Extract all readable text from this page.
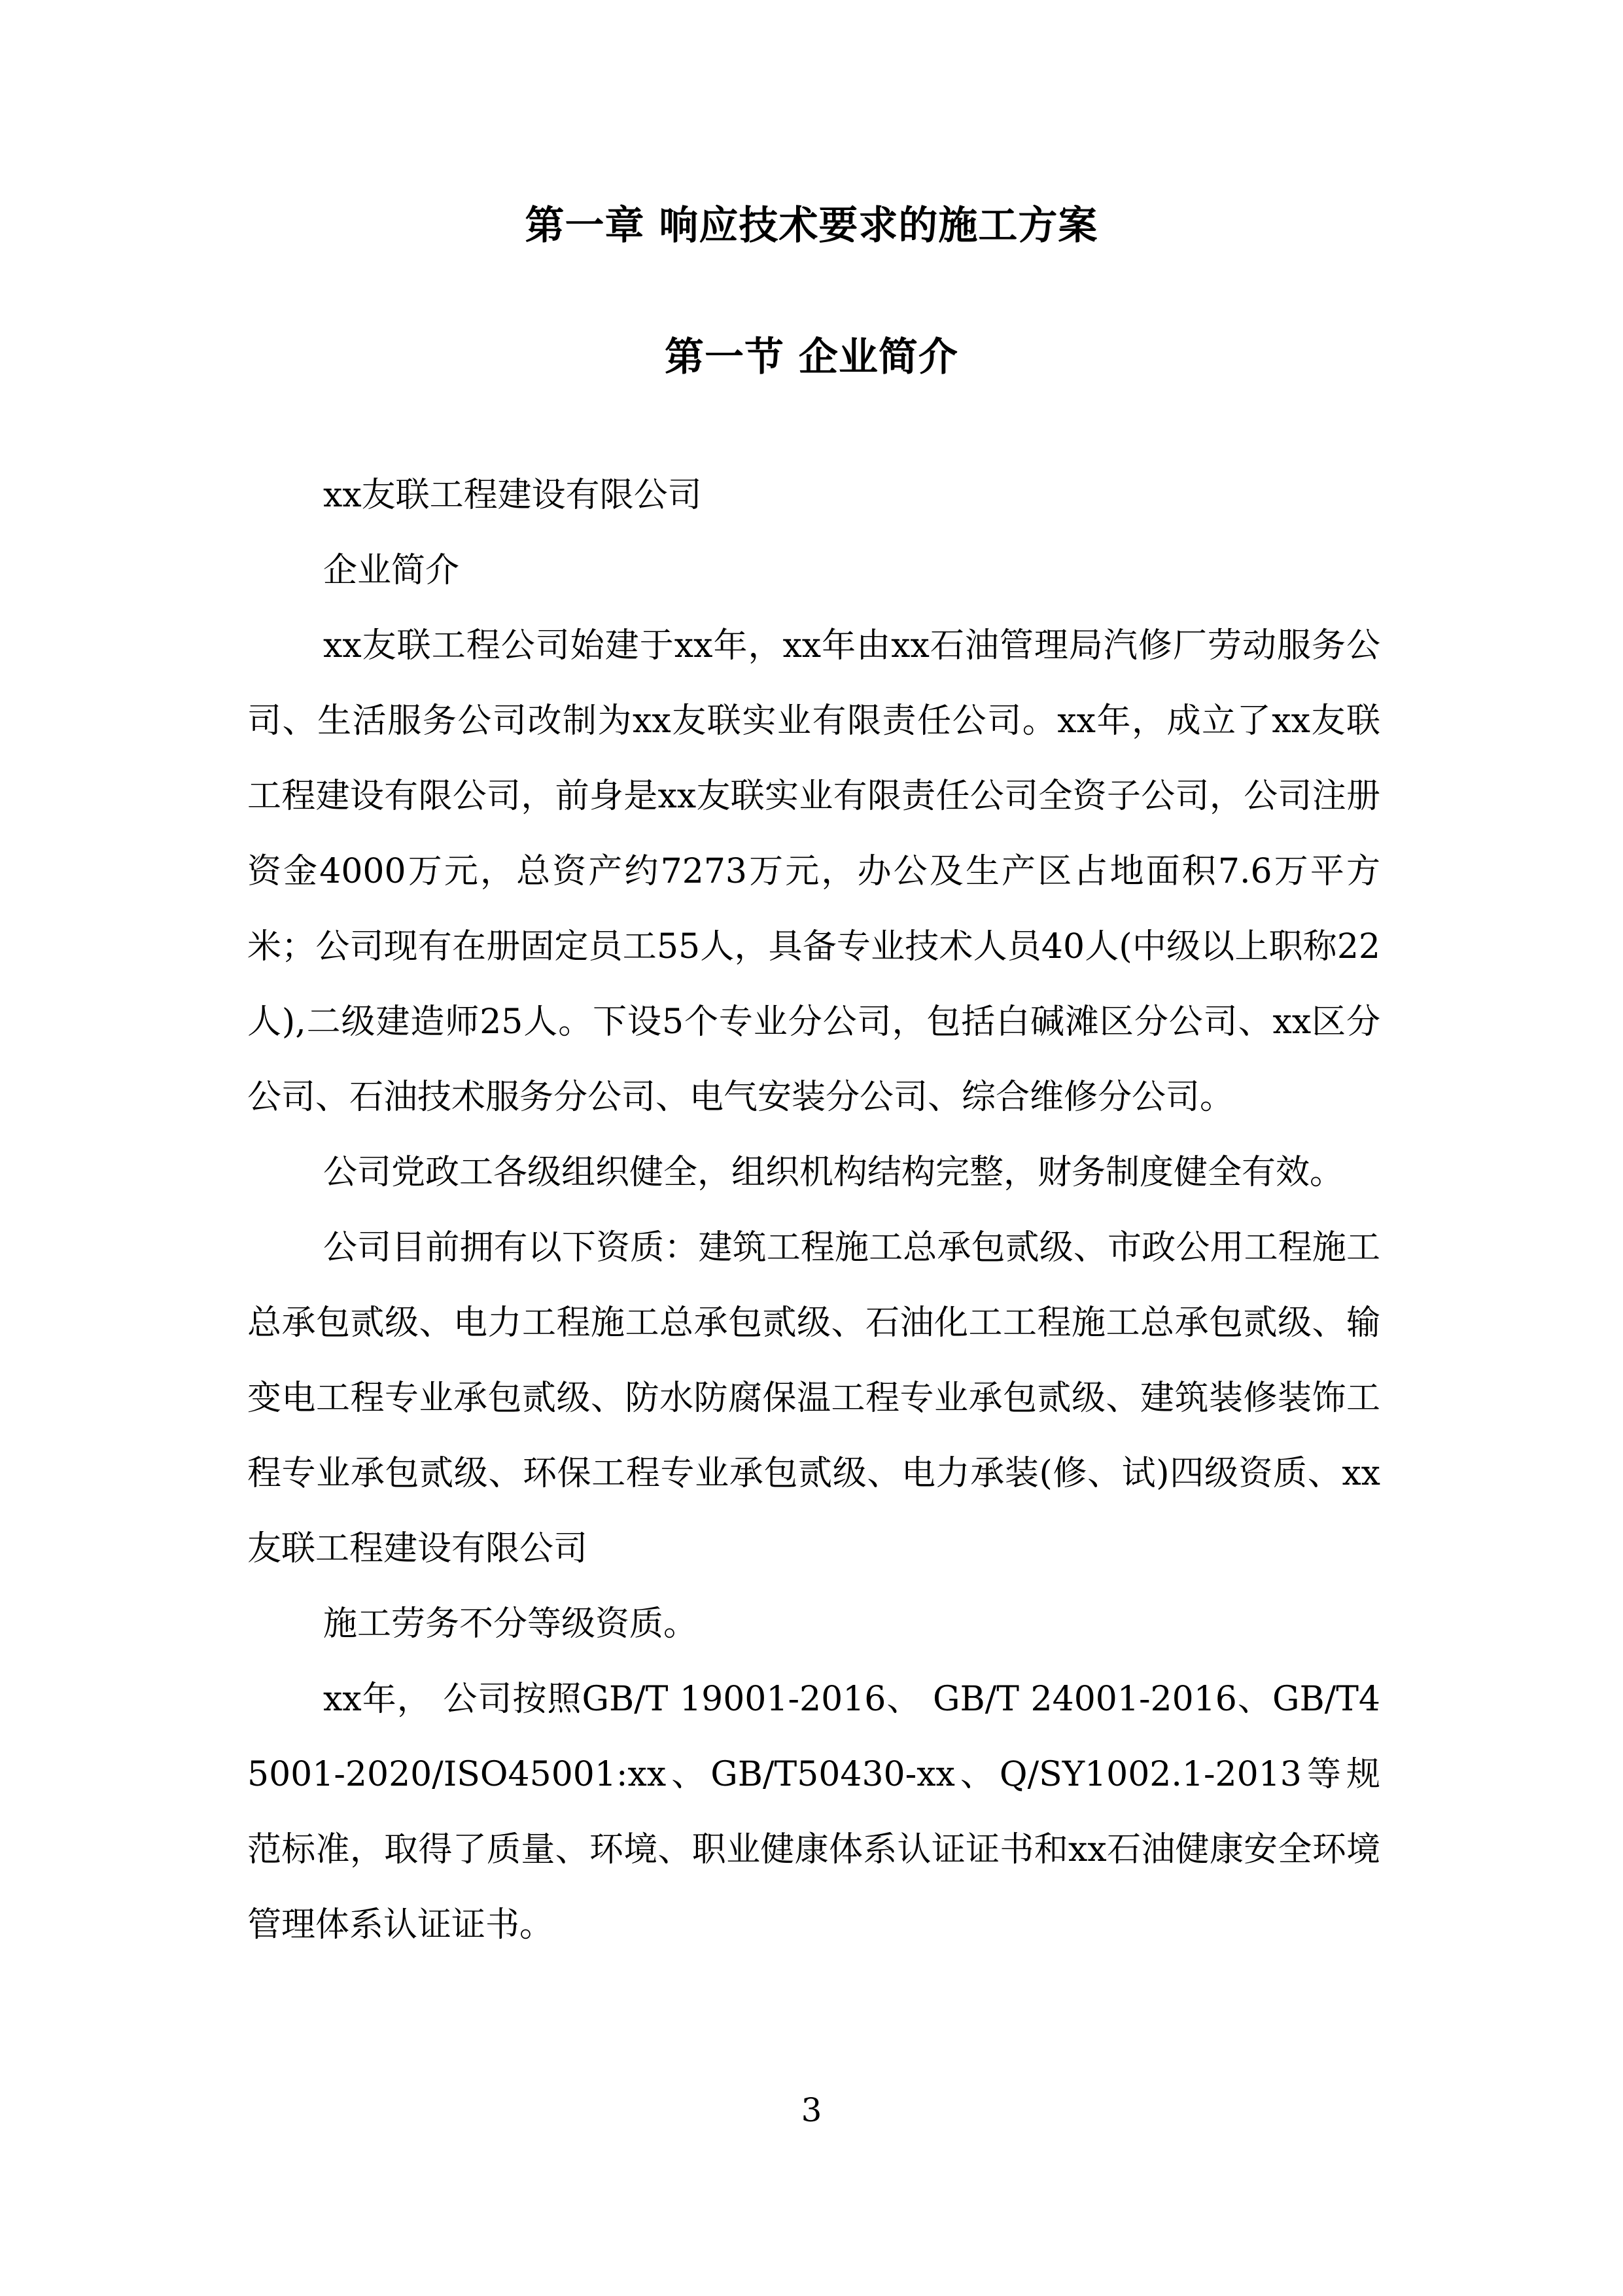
第一章 响应技术要求的施工方案
第一节 企业简介

xx友联工程建设有限公司

企业简介

xx友联工程公司始建于xx年，xx年由xx石油管理局汽修厂劳动服务公司、生活服务公司改制为xx友联实业有限责任公司。xx年，成立了xx友联工程建设有限公司，前身是xx友联实业有限责任公司全资子公司，公司注册资金4000万元，总资产约7273万元，办公及生产区占地面积7.6万平方米；公司现有在册固定员工55人，具备专业技术人员40人(中级以上职称22人),二级建造师25人。下设5个专业分公司，包括白碱滩区分公司、xx区分公司、石油技术服务分公司、电气安装分公司、综合维修分公司。

公司党政工各级组织健全，组织机构结构完整，财务制度健全有效。

公司目前拥有以下资质：建筑工程施工总承包贰级、市政公用工程施工总承包贰级、电力工程施工总承包贰级、石油化工工程施工总承包贰级、输变电工程专业承包贰级、防水防腐保温工程专业承包贰级、建筑装修装饰工程专业承包贰级、环保工程专业承包贰级、电力承装(修、试)四级资质、xx友联工程建设有限公司

施工劳务不分等级资质。

xx年， 公司按照GB/T 19001-2016、 GB/T 24001-2016、GB/T45001-2020/ISO45001:xx、GB/T50430-xx、Q/SY1002.1-2013等规范标准，取得了质量、环境、职业健康体系认证证书和xx石油健康安全环境管理体系认证证书。

3
